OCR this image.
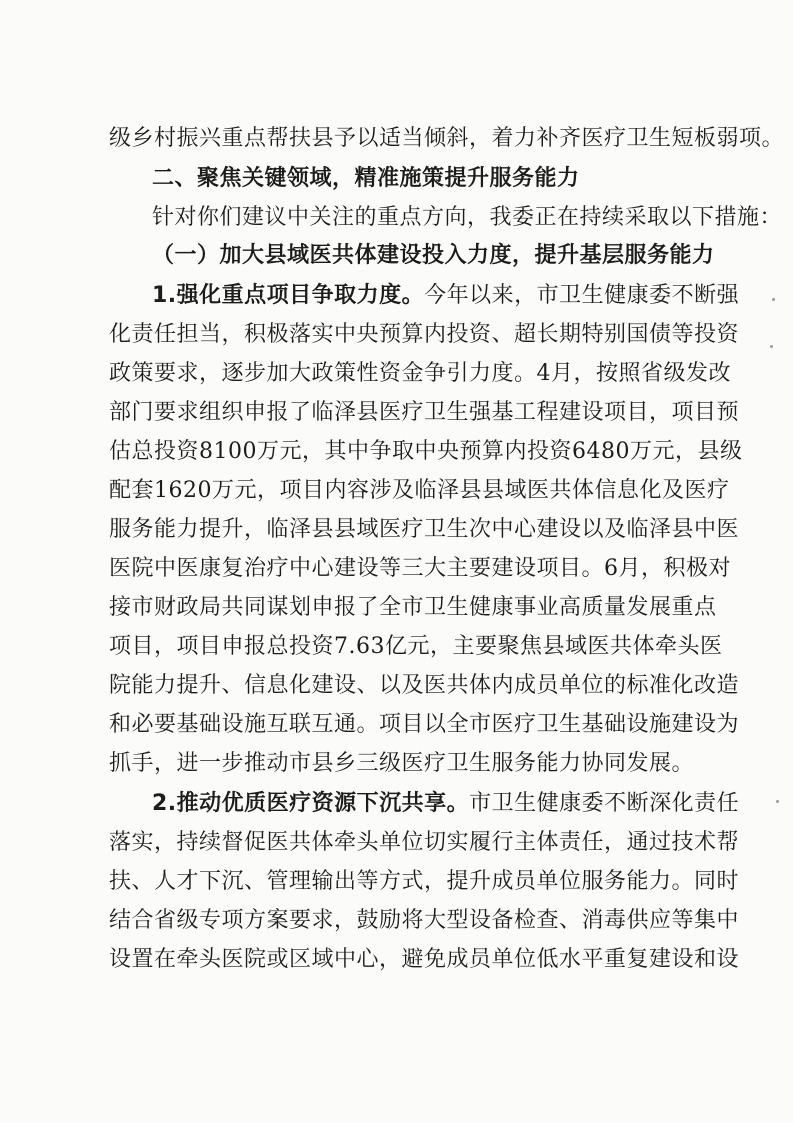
级乡村振兴重点帮扶县予以适当倾斜，着力补齐医疗卫生短板弱项。
二、聚焦关键领域，精准施策提升服务能力
针对你们建议中关注的重点方向，我委正在持续采取以下措施：
（一）加大县域医共体建设投入力度，提升基层服务能力
1.强化重点项目争取力度。今年以来，市卫生健康委不断强
化责任担当，积极落实中央预算内投资、超长期特别国债等投资
政策要求，逐步加大政策性资金争引力度。4月，按照省级发改
部门要求组织申报了临泽县医疗卫生强基工程建设项目，项目预
估总投资8100万元，其中争取中央预算内投资6480万元，县级
配套1620万元，项目内容涉及临泽县县域医共体信息化及医疗
服务能力提升，临泽县县域医疗卫生次中心建设以及临泽县中医
医院中医康复治疗中心建设等三大主要建设项目。6月，积极对
接市财政局共同谋划申报了全市卫生健康事业高质量发展重点
项目，项目申报总投资7.63亿元，主要聚焦县域医共体牵头医
院能力提升、信息化建设、以及医共体内成员单位的标准化改造
和必要基础设施互联互通。项目以全市医疗卫生基础设施建设为
抓手，进一步推动市县乡三级医疗卫生服务能力协同发展。
2.推动优质医疗资源下沉共享。市卫生健康委不断深化责任
落实，持续督促医共体牵头单位切实履行主体责任，通过技术帮
扶、人才下沉、管理输出等方式，提升成员单位服务能力。同时
结合省级专项方案要求，鼓励将大型设备检查、消毒供应等集中
设置在牵头医院或区域中心，避免成员单位低水平重复建设和设
